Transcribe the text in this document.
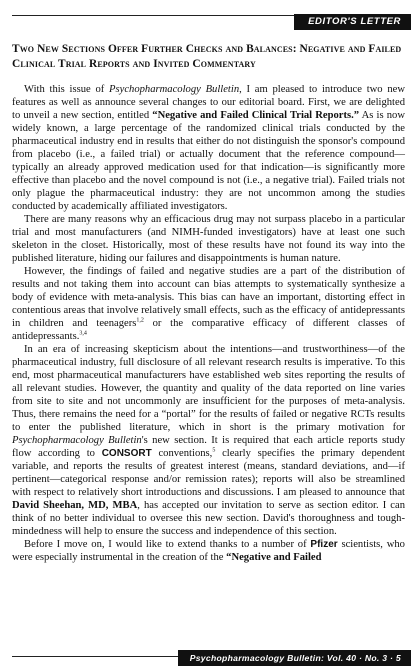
EDITOR'S LETTER
Two New Sections Offer Further Checks and Balances: Negative and Failed Clinical Trial Reports and Invited Commentary

With this issue of Psychopharmacology Bulletin, I am pleased to introduce two new features as well as announce several changes to our editorial board. First, we are delighted to unveil a new section, entitled “Negative and Failed Clinical Trial Reports.” As is now widely known, a large percentage of the randomized clinical trials conducted by the pharmaceutical industry end in results that either do not distinguish the sponsor's compound from placebo (i.e., a failed trial) or actually document that the reference compound—typically an already approved medication used for that indication—is significantly more effective than placebo and the novel compound is not (i.e., a negative trial). Failed trials not only plague the pharmaceutical industry: they are not uncommon among the studies conducted by academically affiliated investigators.

There are many reasons why an efficacious drug may not surpass placebo in a particular trial and most manufacturers (and NIMH-funded investigators) have at least one such skeleton in the closet. Historically, most of these results have not found its way into the published literature, hiding our failures and disappointments is human nature.

However, the findings of failed and negative studies are a part of the distribution of results and not taking them into account can bias attempts to systematically synthesize a body of evidence with meta-analysis. This bias can have an important, distorting effect in contentious areas that involve relatively small effects, such as the efficacy of antidepressants in children and teenagers$^{1,2}$ or the comparative efficacy of different classes of antidepressants.$^{3,4}$

In an era of increasing skepticism about the intentions—and trustworthiness—of the pharmaceutical industry, full disclosure of all relevant research results is imperative. To this end, most pharmaceutical manufacturers have established web sites reporting the results of all relevant studies. However, the quantity and quality of the data reported on line varies from site to site and not uncommonly are insufficient for the purposes of meta-analysis. Thus, there remains the need for a “portal” for the results of failed or negative RCTs results to enter the published literature, which in short is the primary motivation for Psychopharmacology Bulletin's new section. It is required that each article reports study flow according to CONSORT conventions,$^5$ clearly specifies the primary dependent variable, and reports the results of greatest interest (means, standard deviations, and—if pertinent—categorical response and/or remission rates); reports will also be streamlined with respect to relatively short introductions and discussions. I am pleased to announce that David Sheehan, MD, MBA, has accepted our invitation to serve as section editor. I can think of no better individual to oversee this new section. David's thoroughness and tough-mindedness will help to ensure the success and independence of this section.

Before I move on, I would like to extend thanks to a number of Pfizer scientists, who were especially instrumental in the creation of the “Negative and Failed

Psychopharmacology Bulletin: Vol. 40 · No. 3 · 5
